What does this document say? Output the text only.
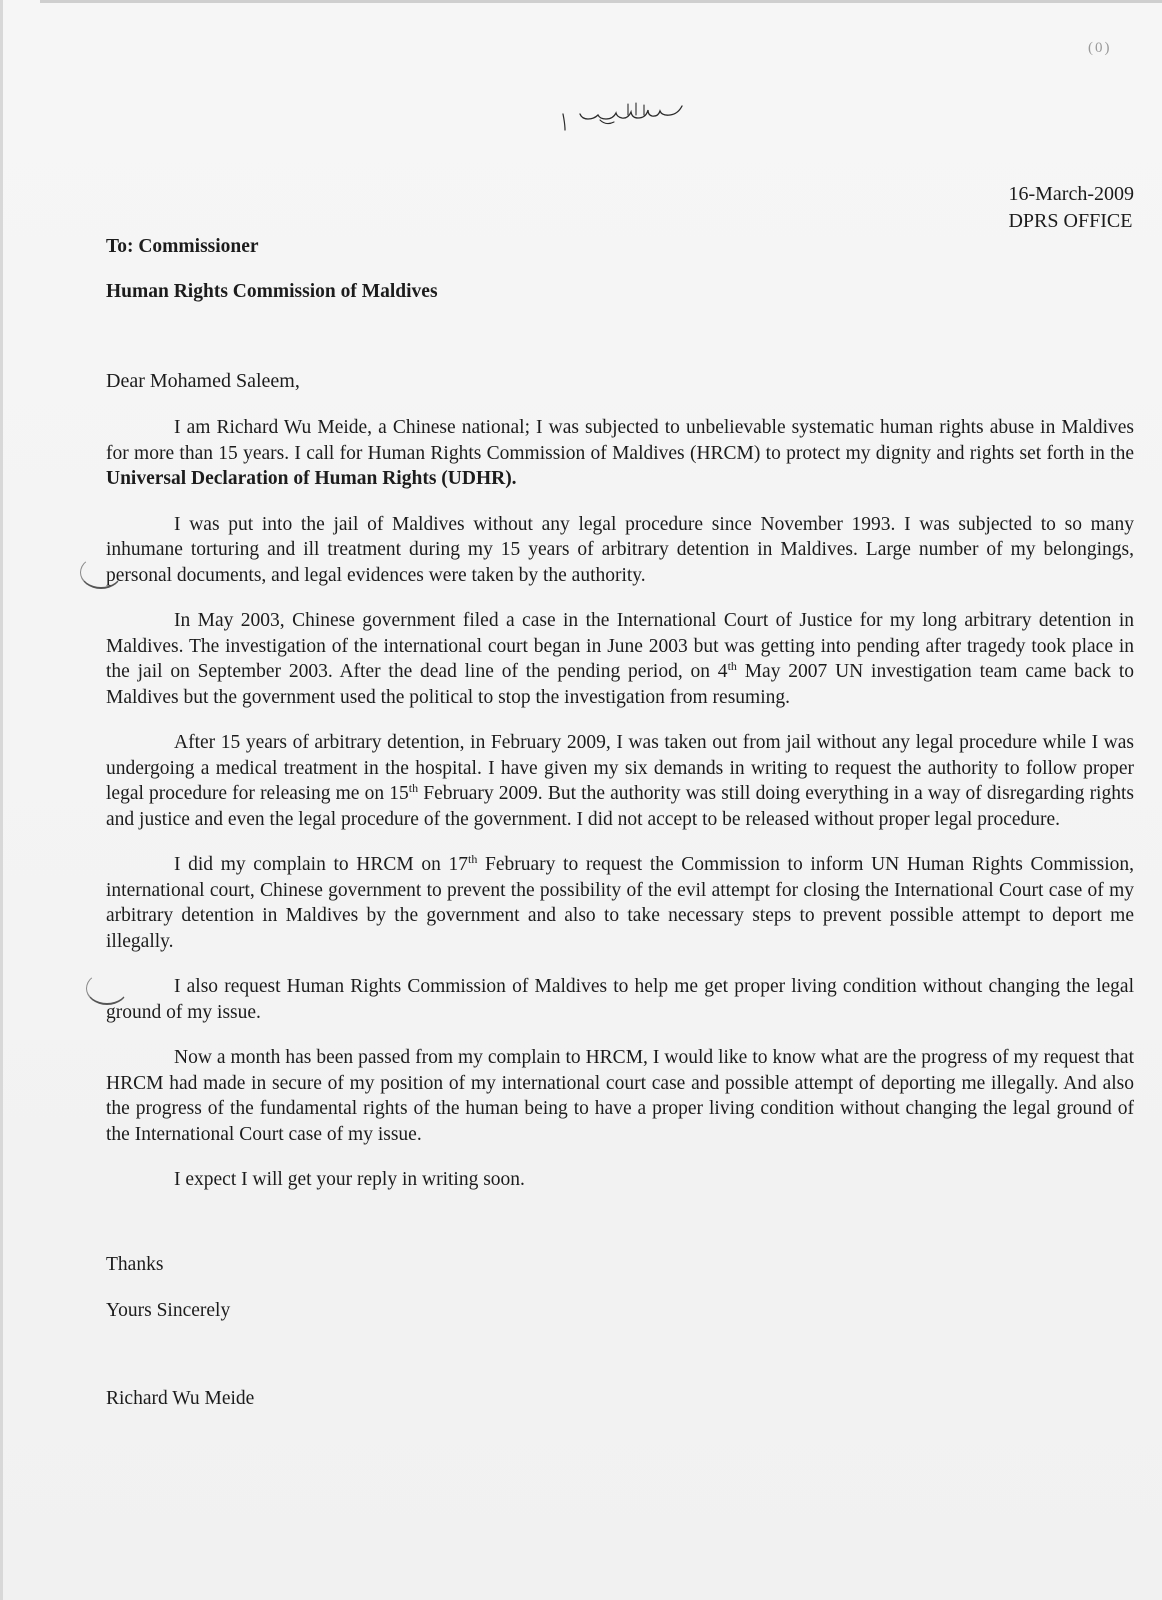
(0)
16-March-2009
DPRS OFFICE
To: Commissioner
Human Rights Commission of Maldives
Dear Mohamed Saleem,

I am Richard Wu Meide, a Chinese national; I was subjected to unbelievable systematic human rights abuse in Maldives for more than 15 years. I call for Human Rights Commission of Maldives (HRCM) to protect my dignity and rights set forth in the Universal Declaration of Human Rights (UDHR).

I was put into the jail of Maldives without any legal procedure since November 1993. I was subjected to so many inhumane torturing and ill treatment during my 15 years of arbitrary detention in Maldives. Large number of my belongings, personal documents, and legal evidences were taken by the authority.

In May 2003, Chinese government filed a case in the International Court of Justice for my long arbitrary detention in Maldives. The investigation of the international court began in June 2003 but was getting into pending after tragedy took place in the jail on September 2003. After the dead line of the pending period, on 4th May 2007 UN investigation team came back to Maldives but the government used the political to stop the investigation from resuming.

After 15 years of arbitrary detention, in February 2009, I was taken out from jail without any legal procedure while I was undergoing a medical treatment in the hospital. I have given my six demands in writing to request the authority to follow proper legal procedure for releasing me on 15th February 2009. But the authority was still doing everything in a way of disregarding rights and justice and even the legal procedure of the government. I did not accept to be released without proper legal procedure.

I did my complain to HRCM on 17th February to request the Commission to inform UN Human Rights Commission, international court, Chinese government to prevent the possibility of the evil attempt for closing the International Court case of my arbitrary detention in Maldives by the government and also to take necessary steps to prevent possible attempt to deport me illegally.

I also request Human Rights Commission of Maldives to help me get proper living condition without changing the legal ground of my issue.

Now a month has been passed from my complain to HRCM, I would like to know what are the progress of my request that HRCM had made in secure of my position of my international court case and possible attempt of deporting me illegally. And also the progress of the fundamental rights of the human being to have a proper living condition without changing the legal ground of the International Court case of my issue.

I expect I will get your reply in writing soon.

Thanks
Yours Sincerely
Richard Wu Meide
